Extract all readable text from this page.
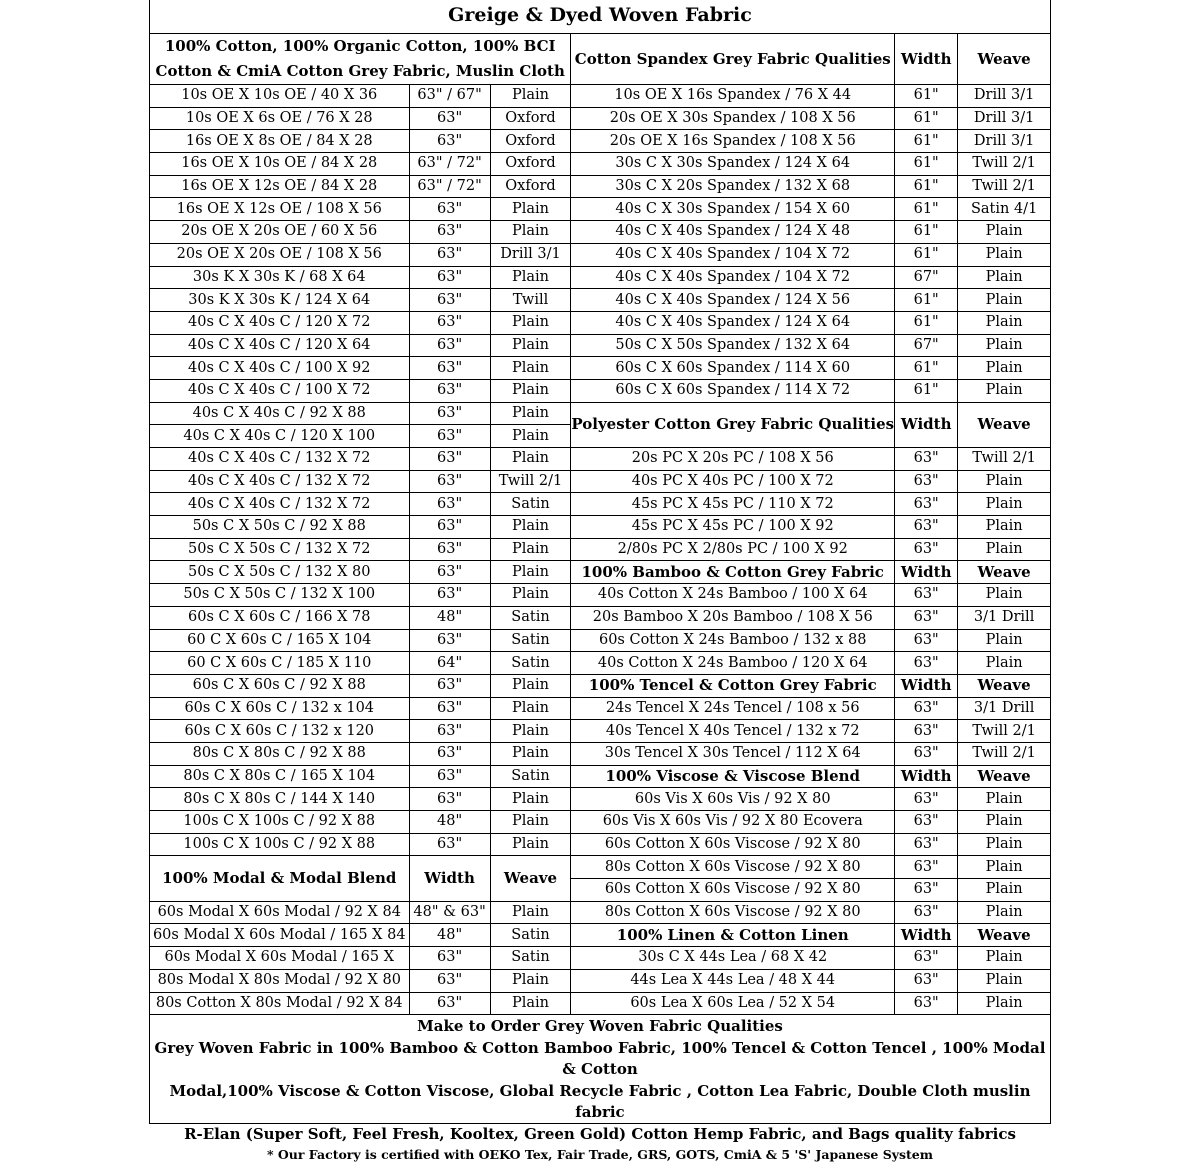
Greige & Dyed Woven Fabric
100% Cotton, 100% Organic Cotton, 100% BCI Cotton & CmiA Cotton Grey Fabric, Muslin Cloth			Cotton Spandex Grey Fabric Qualities	Width	Weave
10s OE X 10s OE / 40 X 36	63" / 67"	Plain	10s OE X 16s Spandex / 76 X 44	61"	Drill 3/1
10s OE X 6s OE / 76 X 28	63"	Oxford	20s OE X 30s Spandex / 108 X 56	61"	Drill 3/1
16s OE X 8s OE / 84 X 28	63"	Oxford	20s OE X 16s Spandex / 108 X 56	61"	Drill 3/1
16s OE X 10s OE / 84 X 28	63" / 72"	Oxford	30s C X 30s Spandex / 124 X 64	61"	Twill 2/1
16s OE X 12s OE / 84 X 28	63" / 72"	Oxford	30s C X 20s Spandex / 132 X 68	61"	Twill 2/1
16s OE X 12s OE / 108 X 56	63"	Plain	40s C X 30s Spandex / 154 X 60	61"	Satin 4/1
20s OE X 20s OE / 60 X 56	63"	Plain	40s C X 40s Spandex / 124 X 48	61"	Plain
20s OE X 20s OE / 108 X 56	63"	Drill 3/1	40s C X 40s Spandex / 104 X 72	61"	Plain
30s K X 30s K / 68 X 64	63"	Plain	40s C X 40s Spandex / 104 X 72	67"	Plain
30s K X 30s K / 124 X 64	63"	Twill	40s C X 40s Spandex / 124 X 56	61"	Plain
40s C X 40s C / 120 X 72	63"	Plain	40s C X 40s Spandex / 124 X 64	61"	Plain
40s C X 40s C / 120 X 64	63"	Plain	50s C X 50s Spandex / 132 X 64	67"	Plain
40s C X 40s C / 100 X 92	63"	Plain	60s C X 60s Spandex / 114 X 60	61"	Plain
40s C X 40s C / 100 X 72	63"	Plain	60s C X 60s Spandex / 114 X 72	61"	Plain
40s C X 40s C / 92 X 88	63"	Plain	Polyester Cotton Grey Fabric Qualities	Width	Weave
40s C X 40s C / 120 X 100	63"	Plain			
40s C X 40s C / 132 X 72	63"	Plain	20s PC X 20s PC / 108 X 56	63"	Twill 2/1
40s C X 40s C / 132 X 72	63"	Twill 2/1	40s PC X 40s PC / 100 X 72	63"	Plain
40s C X 40s C / 132 X 72	63"	Satin	45s PC X 45s PC / 110 X 72	63"	Plain
50s C X 50s C / 92 X 88	63"	Plain	45s PC X 45s PC / 100 X 92	63"	Plain
50s C X 50s C / 132 X 72	63"	Plain	2/80s PC X 2/80s PC / 100 X 92	63"	Plain
50s C X 50s C / 132 X 80	63"	Plain	100% Bamboo & Cotton Grey Fabric	Width	Weave
50s C X 50s C / 132 X 100	63"	Plain	40s Cotton X 24s Bamboo / 100 X 64	63"	Plain
60s C X 60s C / 166 X 78	48"	Satin	20s Bamboo X 20s Bamboo / 108 X 56	63"	3/1 Drill
60 C X 60s C / 165 X 104	63"	Satin	60s Cotton X 24s Bamboo / 132 x 88	63"	Plain
60 C X 60s C / 185 X 110	64"	Satin	40s Cotton X 24s Bamboo / 120 X 64	63"	Plain
60s C X 60s C / 92 X 88	63"	Plain	100% Tencel & Cotton Grey Fabric	Width	Weave
60s C X 60s C / 132 x 104	63"	Plain	24s Tencel X 24s Tencel / 108 x 56	63"	3/1 Drill
60s C X 60s C / 132 x 120	63"	Plain	40s Tencel X 40s Tencel / 132 x 72	63"	Twill 2/1
80s C X 80s C / 92 X 88	63"	Plain	30s Tencel X 30s Tencel / 112 X 64	63"	Twill 2/1
80s C X 80s C / 165 X 104	63"	Satin	100% Viscose & Viscose Blend	Width	Weave
80s C X 80s C / 144 X 140	63"	Plain	60s Vis X 60s Vis / 92 X 80	63"	Plain
100s C X 100s C / 92 X 88	48"	Plain	60s Vis X 60s Vis / 92 X 80 Ecovera	63"	Plain
100s C X 100s C / 92 X 88	63"	Plain	60s Cotton X 60s Viscose / 92 X 80	63"	Plain
100% Modal & Modal Blend	Width	Weave	80s Cotton X 60s Viscose / 92 X 80	63"	Plain
			60s Cotton X 60s Viscose / 92 X 80	63"	Plain
60s Modal X 60s Modal / 92 X 84	48" & 63"	Plain	80s Cotton X 60s Viscose / 92 X 80	63"	Plain
60s Modal X 60s Modal / 165 X 84	48"	Satin	100% Linen & Cotton Linen	Width	Weave
60s Modal X 60s Modal / 165 X	63"	Satin	30s C X 44s Lea / 68 X 42	63"	Plain
80s Modal X 80s Modal / 92 X 80	63"	Plain	44s Lea X 44s Lea / 48 X 44	63"	Plain
80s Cotton X 80s Modal / 92 X 84	63"	Plain	60s Lea X 60s Lea / 52 X 54	63"	Plain
Make to Order Grey Woven Fabric Qualities
Grey Woven Fabric in 100% Bamboo & Cotton Bamboo Fabric, 100% Tencel & Cotton Tencel , 100% Modal & Cotton
Modal,100% Viscose & Cotton Viscose, Global Recycle Fabric , Cotton Lea Fabric, Double Cloth muslin fabric
R-Elan (Super Soft, Feel Fresh, Kooltex, Green Gold) Cotton Hemp Fabric, and Bags quality fabrics
* Our Factory is certified with OEKO Tex, Fair Trade, GRS, GOTS, CmiA & 5 'S' Japanese System
